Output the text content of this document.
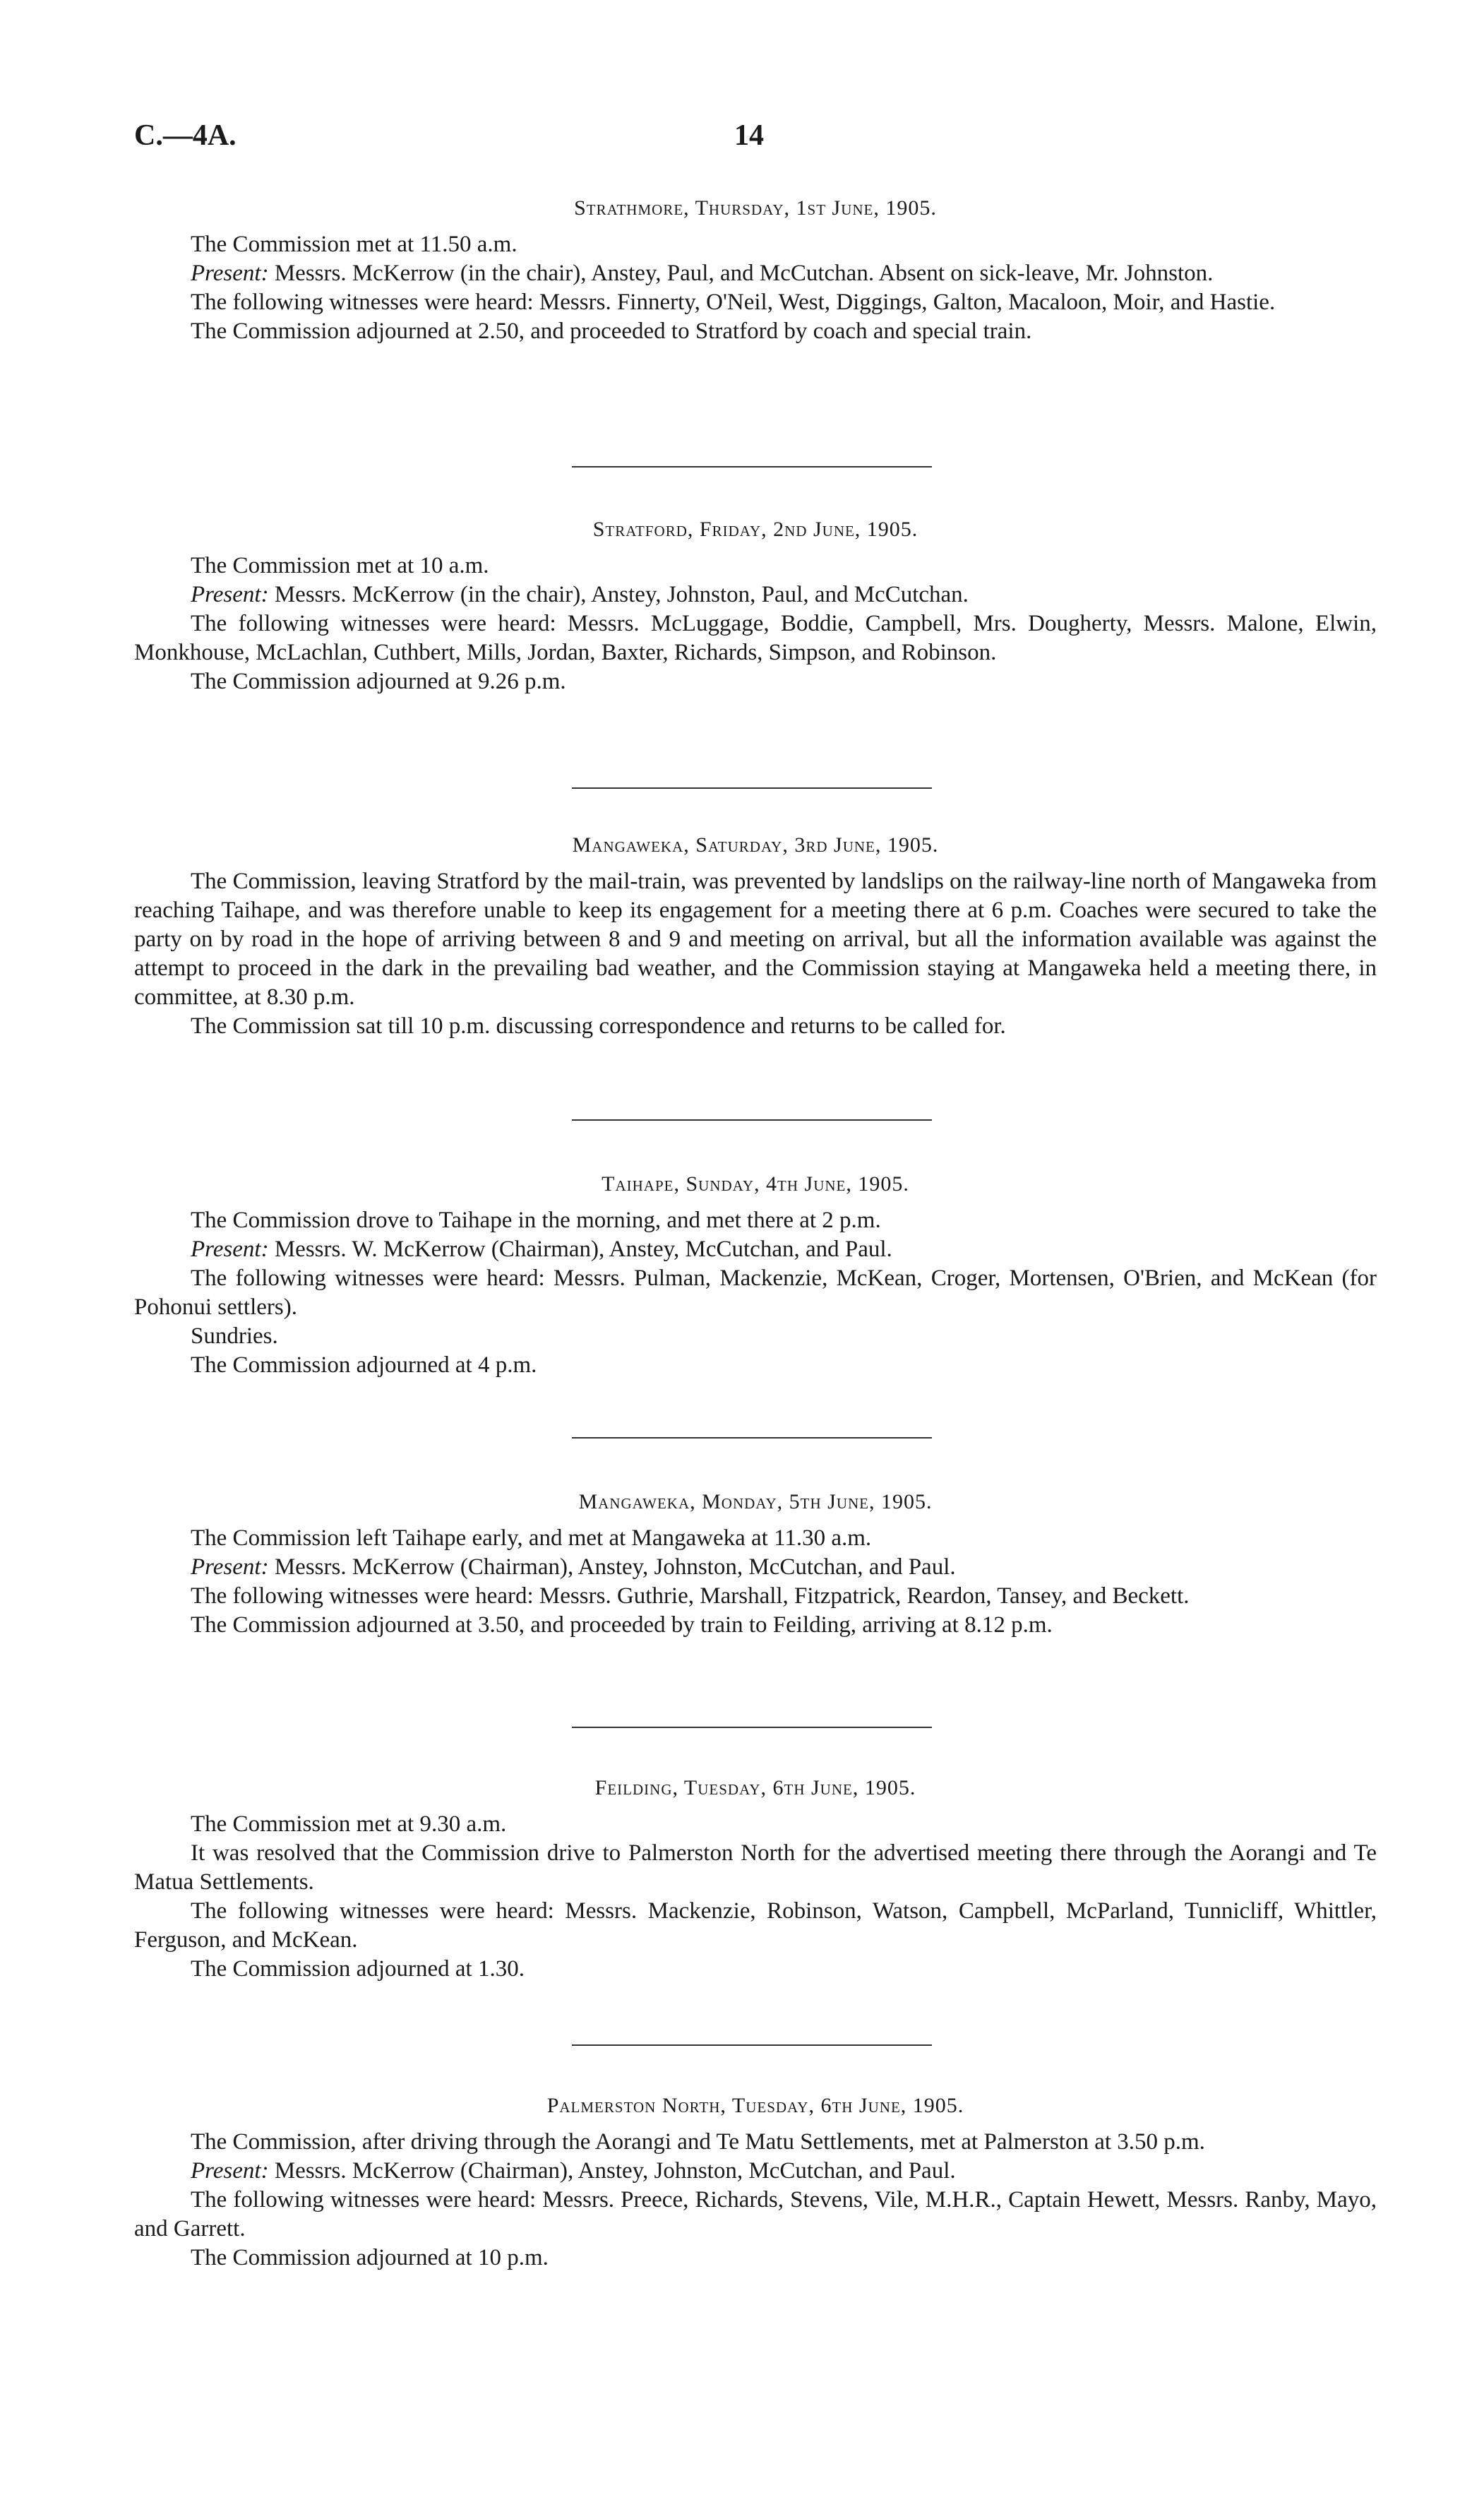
C.—4A.	14
Strathmore, Thursday, 1st June, 1905.

The Commission met at 11.50 a.m.

Present: Messrs. McKerrow (in the chair), Anstey, Paul, and McCutchan. Absent on sick-leave, Mr. Johnston.

The following witnesses were heard: Messrs. Finnerty, O'Neil, West, Diggings, Galton, Macaloon, Moir, and Hastie.

The Commission adjourned at 2.50, and proceeded to Stratford by coach and special train.

Stratford, Friday, 2nd June, 1905.

The Commission met at 10 a.m.

Present: Messrs. McKerrow (in the chair), Anstey, Johnston, Paul, and McCutchan.

The following witnesses were heard: Messrs. McLuggage, Boddie, Campbell, Mrs. Dougherty, Messrs. Malone, Elwin, Monkhouse, McLachlan, Cuthbert, Mills, Jordan, Baxter, Richards, Simpson, and Robinson.

The Commission adjourned at 9.26 p.m.

Mangaweka, Saturday, 3rd June, 1905.

The Commission, leaving Stratford by the mail-train, was prevented by landslips on the railway-line north of Mangaweka from reaching Taihape, and was therefore unable to keep its engagement for a meeting there at 6 p.m. Coaches were secured to take the party on by road in the hope of arriving between 8 and 9 and meeting on arrival, but all the information available was against the attempt to proceed in the dark in the prevailing bad weather, and the Commission staying at Mangaweka held a meeting there, in committee, at 8.30 p.m.

The Commission sat till 10 p.m. discussing correspondence and returns to be called for.

Taihape, Sunday, 4th June, 1905.

The Commission drove to Taihape in the morning, and met there at 2 p.m.

Present: Messrs. W. McKerrow (Chairman), Anstey, McCutchan, and Paul.

The following witnesses were heard: Messrs. Pulman, Mackenzie, McKean, Croger, Mortensen, O'Brien, and McKean (for Pohonui settlers).

Sundries.

The Commission adjourned at 4 p.m.

Mangaweka, Monday, 5th June, 1905.

The Commission left Taihape early, and met at Mangaweka at 11.30 a.m.

Present: Messrs. McKerrow (Chairman), Anstey, Johnston, McCutchan, and Paul.

The following witnesses were heard: Messrs. Guthrie, Marshall, Fitzpatrick, Reardon, Tansey, and Beckett.

The Commission adjourned at 3.50, and proceeded by train to Feilding, arriving at 8.12 p.m.

Feilding, Tuesday, 6th June, 1905.

The Commission met at 9.30 a.m.

It was resolved that the Commission drive to Palmerston North for the advertised meeting there through the Aorangi and Te Matua Settlements.

The following witnesses were heard: Messrs. Mackenzie, Robinson, Watson, Campbell, McParland, Tunnicliff, Whittler, Ferguson, and McKean.

The Commission adjourned at 1.30.

Palmerston North, Tuesday, 6th June, 1905.

The Commission, after driving through the Aorangi and Te Matu Settlements, met at Palmerston at 3.50 p.m.

Present: Messrs. McKerrow (Chairman), Anstey, Johnston, McCutchan, and Paul.

The following witnesses were heard: Messrs. Preece, Richards, Stevens, Vile, M.H.R., Captain Hewett, Messrs. Ranby, Mayo, and Garrett.

The Commission adjourned at 10 p.m.
